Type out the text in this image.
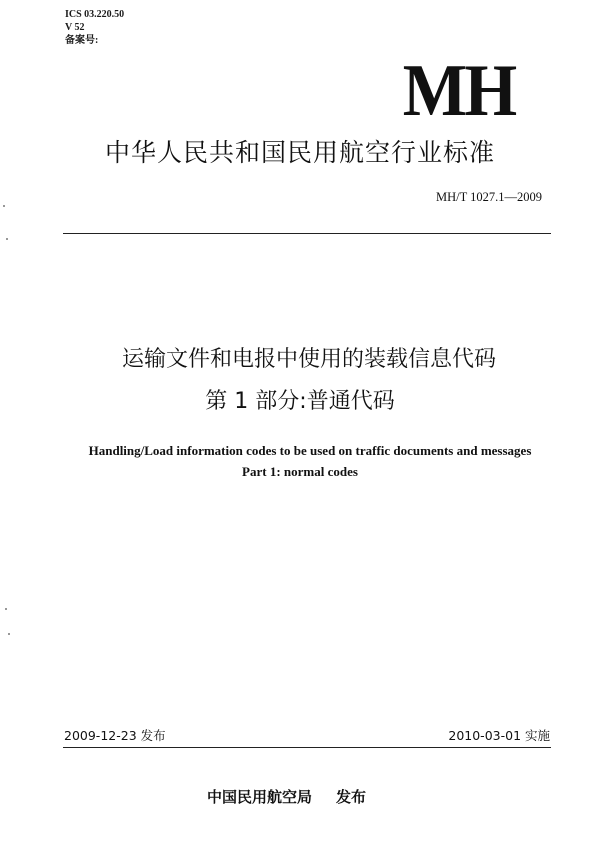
ICS 03.220.50
V 52
备案号:
MH
中华人民共和国民用航空行业标准
MH/T 1027.1—2009
运输文件和电报中使用的装载信息代码
第 1 部分:普通代码
Handling/Load information codes to be used on traffic documents and messages
Part 1: normal codes
2009-12-23 发布	2010-03-01 实施
中国民用航空局 发布
